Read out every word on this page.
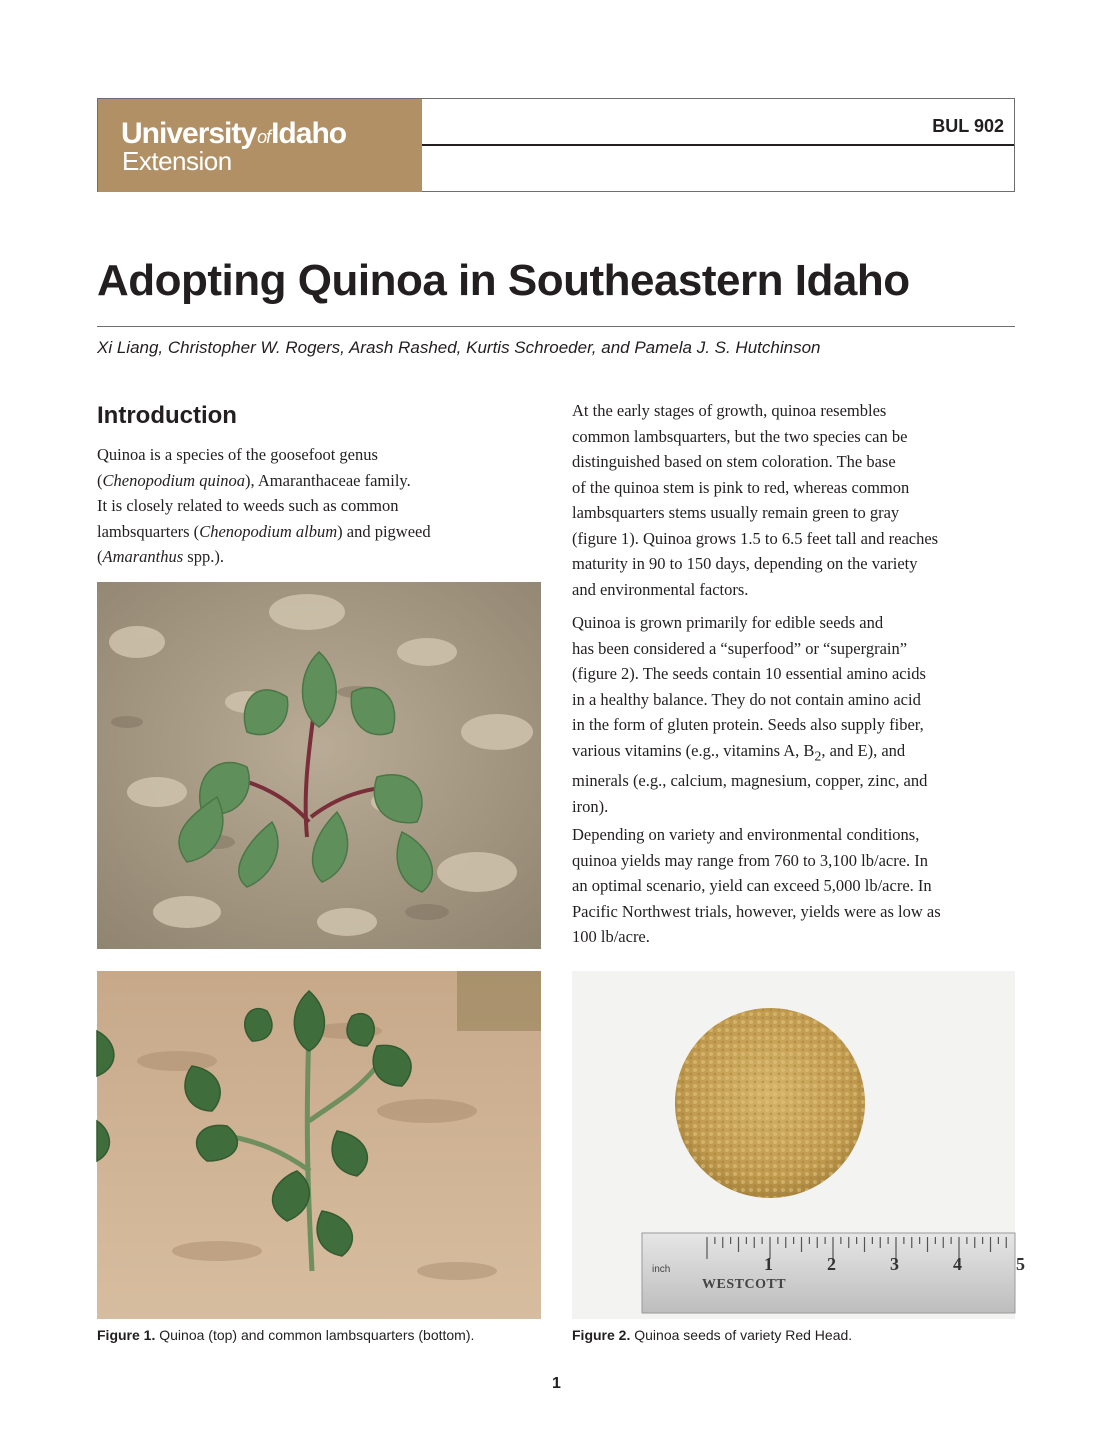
UniversityofIdaho
Extension
BUL 902
Adopting Quinoa in Southeastern Idaho
Xi Liang, Christopher W. Rogers, Arash Rashed, Kurtis Schroeder, and Pamela J. S. Hutchinson
Introduction

Quinoa is a species of the goosefoot genus
(Chenopodium quinoa), Amaranthaceae family.
It is closely related to weeds such as common
lambsquarters (Chenopodium album) and pigweed
(Amaranthus spp.).

At the early stages of growth, quinoa resembles
common lambsquarters, but the two species can be
distinguished based on stem coloration. The base
of the quinoa stem is pink to red, whereas common
lambsquarters stems usually remain green to gray
(figure 1). Quinoa grows 1.5 to 6.5 feet tall and reaches
maturity in 90 to 150 days, depending on the variety
and environmental factors.

Quinoa is grown primarily for edible seeds and
has been considered a “superfood” or “supergrain”
(figure 2). The seeds contain 10 essential amino acids
in a healthy balance. They do not contain amino acid
in the form of gluten protein. Seeds also supply fiber,
various vitamins (e.g., vitamins A, $B_2$, and E), and
minerals (e.g., calcium, magnesium, copper, zinc, and
iron).

Depending on variety and environmental conditions,
quinoa yields may range from 760 to 3,100 lb/acre. In
an optimal scenario, yield can exceed 5,000 lb/acre. In
Pacific Northwest trials, however, yields were as low as
100 lb/acre.

inch
WESTCOTT
1	2	3	4	5
Figure 1. Quinoa (top) and common lambsquarters (bottom).	Figure 2. Quinoa seeds of variety Red Head.
1
